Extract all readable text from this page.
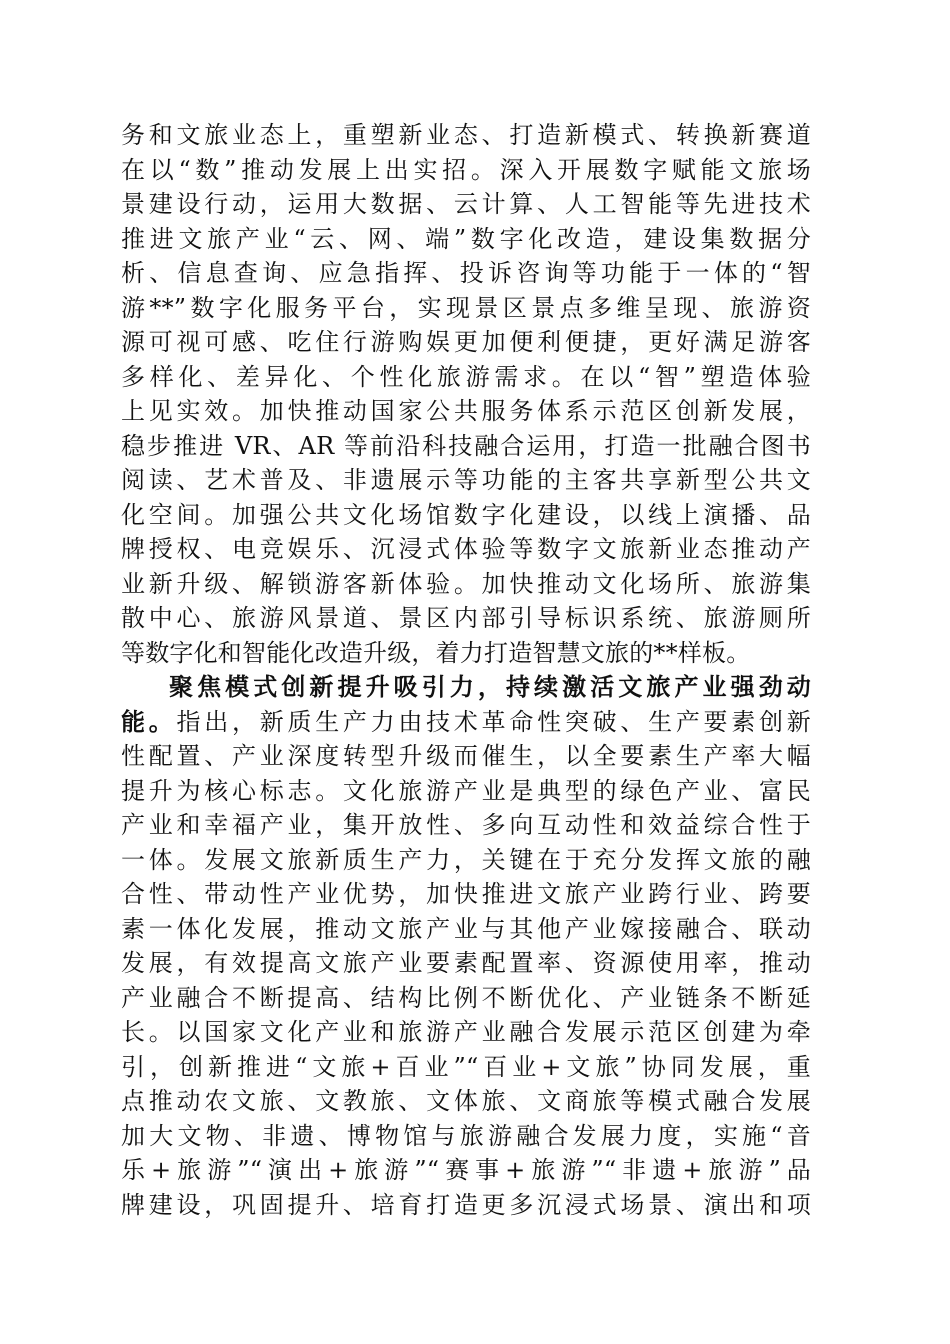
务和文旅业态上，重塑新业态、打造新模式、转换新赛道
在以“数”推动发展上出实招。深入开展数字赋能文旅场
景建设行动，运用大数据、云计算、人工智能等先进技术
推进文旅产业“云、网、端”数字化改造，建设集数据分
析、信息查询、应急指挥、投诉咨询等功能于一体的“智
游**”数字化服务平台，实现景区景点多维呈现、旅游资
源可视可感、吃住行游购娱更加便利便捷，更好满足游客
多样化、差异化、个性化旅游需求。在以“智”塑造体验
上见实效。加快推动国家公共服务体系示范区创新发展，
稳步推进 VR、AR 等前沿科技融合运用，打造一批融合图书
阅读、艺术普及、非遗展示等功能的主客共享新型公共文
化空间。加强公共文化场馆数字化建设，以线上演播、品
牌授权、电竞娱乐、沉浸式体验等数字文旅新业态推动产
业新升级、解锁游客新体验。加快推动文化场所、旅游集
散中心、旅游风景道、景区内部引导标识系统、旅游厕所
等数字化和智能化改造升级，着力打造智慧文旅的**样板。
聚焦模式创新提升吸引力，持续激活文旅产业强劲动
能。指出，新质生产力由技术革命性突破、生产要素创新
性配置、产业深度转型升级而催生，以全要素生产率大幅
提升为核心标志。文化旅游产业是典型的绿色产业、富民
产业和幸福产业，集开放性、多向互动性和效益综合性于
一体。发展文旅新质生产力，关键在于充分发挥文旅的融
合性、带动性产业优势，加快推进文旅产业跨行业、跨要
素一体化发展，推动文旅产业与其他产业嫁接融合、联动
发展，有效提高文旅产业要素配置率、资源使用率，推动
产业融合不断提高、结构比例不断优化、产业链条不断延
长。以国家文化产业和旅游产业融合发展示范区创建为牵
引，创新推进“文旅+百业”“百业+文旅”协同发展，重
点推动农文旅、文教旅、文体旅、文商旅等模式融合发展
加大文物、非遗、博物馆与旅游融合发展力度，实施“音
乐+旅游”“演出+旅游”“赛事+旅游”“非遗+旅游”品
牌建设，巩固提升、培育打造更多沉浸式场景、演出和项
